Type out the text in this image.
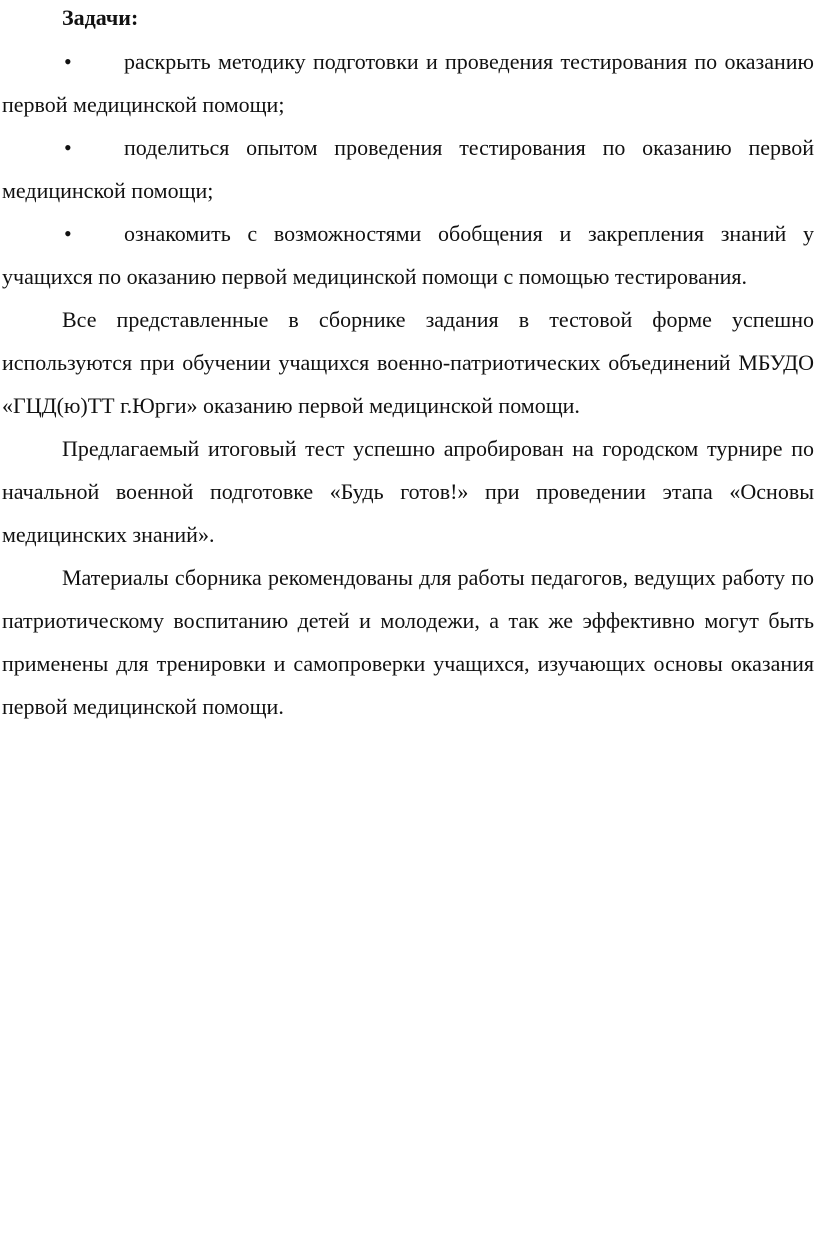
Задачи:

• раскрыть методику подготовки и проведения тестирования по оказанию первой медицинской помощи;

• поделиться опытом проведения тестирования по оказанию первой медицинской помощи;

• ознакомить с возможностями обобщения и закрепления знаний у учащихся по оказанию первой медицинской помощи с помощью тестирования.

Все представленные в сборнике задания в тестовой форме успешно используются при обучении учащихся военно-патриотических объединений МБУДО «ГЦД(ю)ТТ г.Юрги» оказанию первой медицинской помощи.

Предлагаемый итоговый тест успешно апробирован на городском турнире по начальной военной подготовке «Будь готов!» при проведении этапа «Основы медицинских знаний».

Материалы сборника рекомендованы для работы педагогов, ведущих работу по патриотическому воспитанию детей и молодежи, а так же эффективно могут быть применены для тренировки и самопроверки учащихся, изучающих основы оказания первой медицинской помощи.
